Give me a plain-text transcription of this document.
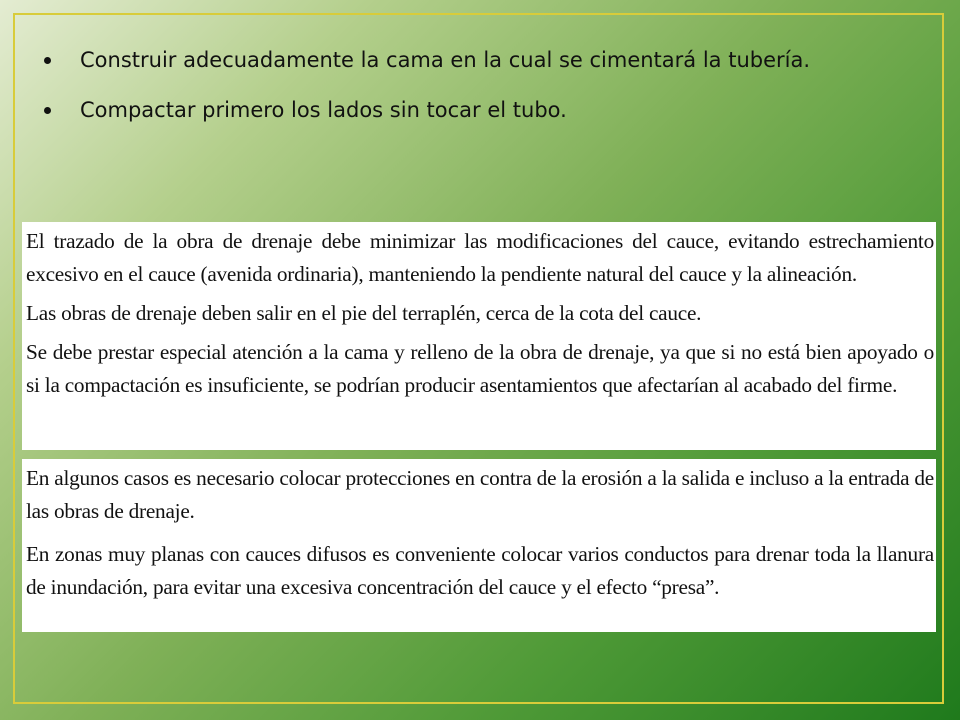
Construir adecuadamente la cama en la cual se cimentará la tubería.
Compactar primero los lados sin tocar el tubo.

El trazado de la obra de drenaje debe minimizar las modificaciones del cauce, evitando estrechamiento excesivo en el cauce (avenida ordinaria), manteniendo la pendiente natural del cauce y la alineación.

Las obras de drenaje deben salir en el pie del terraplén, cerca de la cota del cauce.

Se debe prestar especial atención a la cama y relleno de la obra de drenaje, ya que si no está bien apoyado o si la compactación es insuficiente, se podrían producir asentamientos que afectarían al acabado del firme.

En algunos casos es necesario colocar protecciones en contra de la erosión a la salida e incluso a la entrada de las obras de drenaje.

En zonas muy planas con cauces difusos es conveniente colocar varios conductos para drenar toda la llanura de inundación, para evitar una excesiva concentración del cauce y el efecto “presa”.
